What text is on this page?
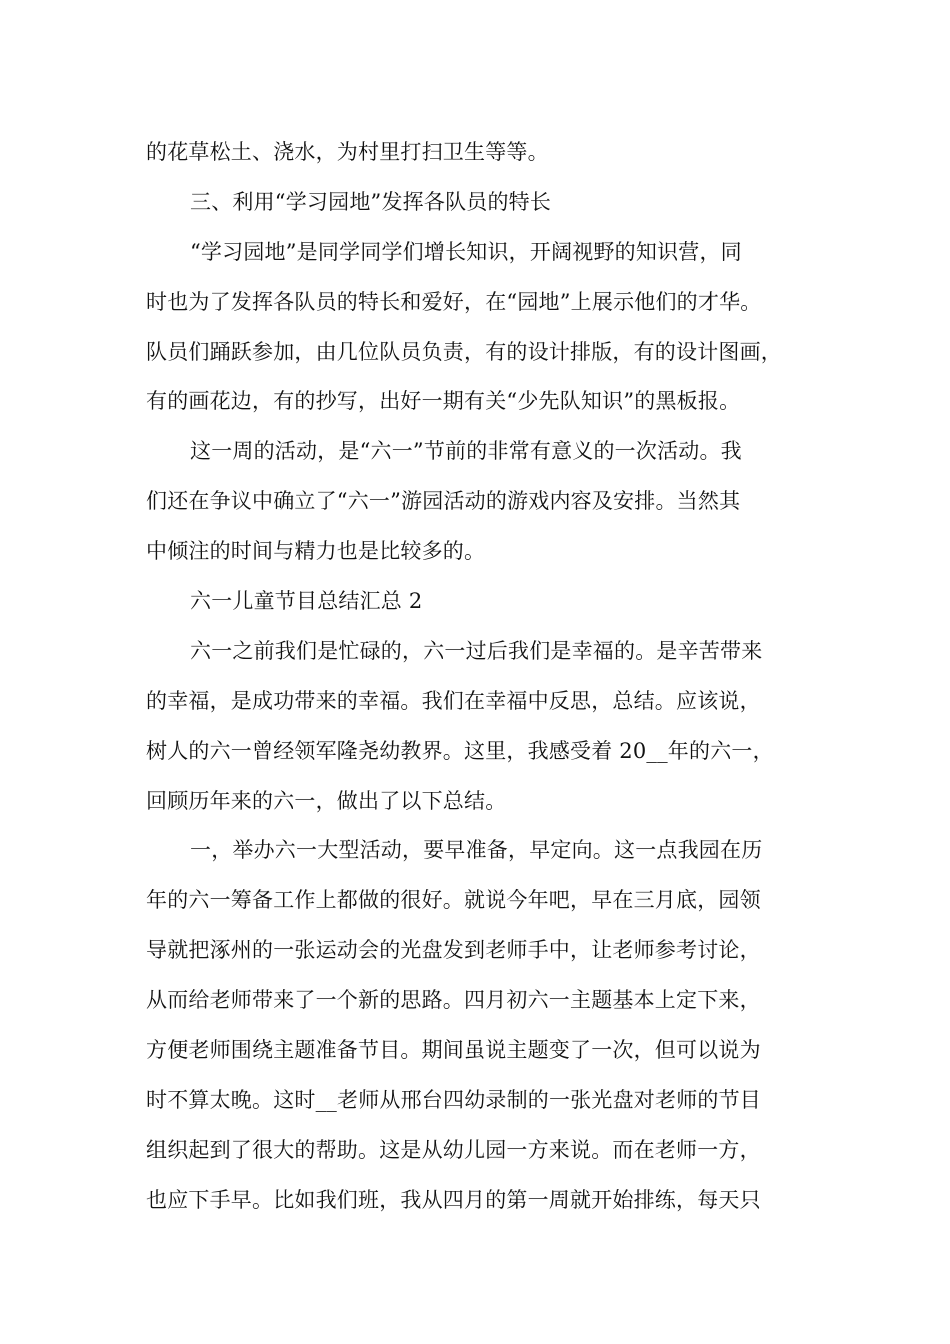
的花草松土、浇水，为村里打扫卫生等等。
三、利用“学习园地”发挥各队员的特长
“学习园地”是同学同学们增长知识，开阔视野的知识营，同
时也为了发挥各队员的特长和爱好，在“园地”上展示他们的才华。
队员们踊跃参加，由几位队员负责，有的设计排版，有的设计图画，
有的画花边，有的抄写，出好一期有关“少先队知识”的黑板报。
这一周的活动，是“六一”节前的非常有意义的一次活动。我
们还在争议中确立了“六一”游园活动的游戏内容及安排。当然其
中倾注的时间与精力也是比较多的。
六一儿童节目总结汇总 2
六一之前我们是忙碌的，六一过后我们是幸福的。是辛苦带来
的幸福，是成功带来的幸福。我们在幸福中反思，总结。应该说，
树人的六一曾经领军隆尧幼教界。这里，我感受着 20__年的六一，
回顾历年来的六一，做出了以下总结。
一，举办六一大型活动，要早准备，早定向。这一点我园在历
年的六一筹备工作上都做的很好。就说今年吧，早在三月底，园领
导就把涿州的一张运动会的光盘发到老师手中，让老师参考讨论，
从而给老师带来了一个新的思路。四月初六一主题基本上定下来，
方便老师围绕主题准备节目。期间虽说主题变了一次，但可以说为
时不算太晚。这时__老师从邢台四幼录制的一张光盘对老师的节目
组织起到了很大的帮助。这是从幼儿园一方来说。而在老师一方，
也应下手早。比如我们班，我从四月的第一周就开始排练，每天只
